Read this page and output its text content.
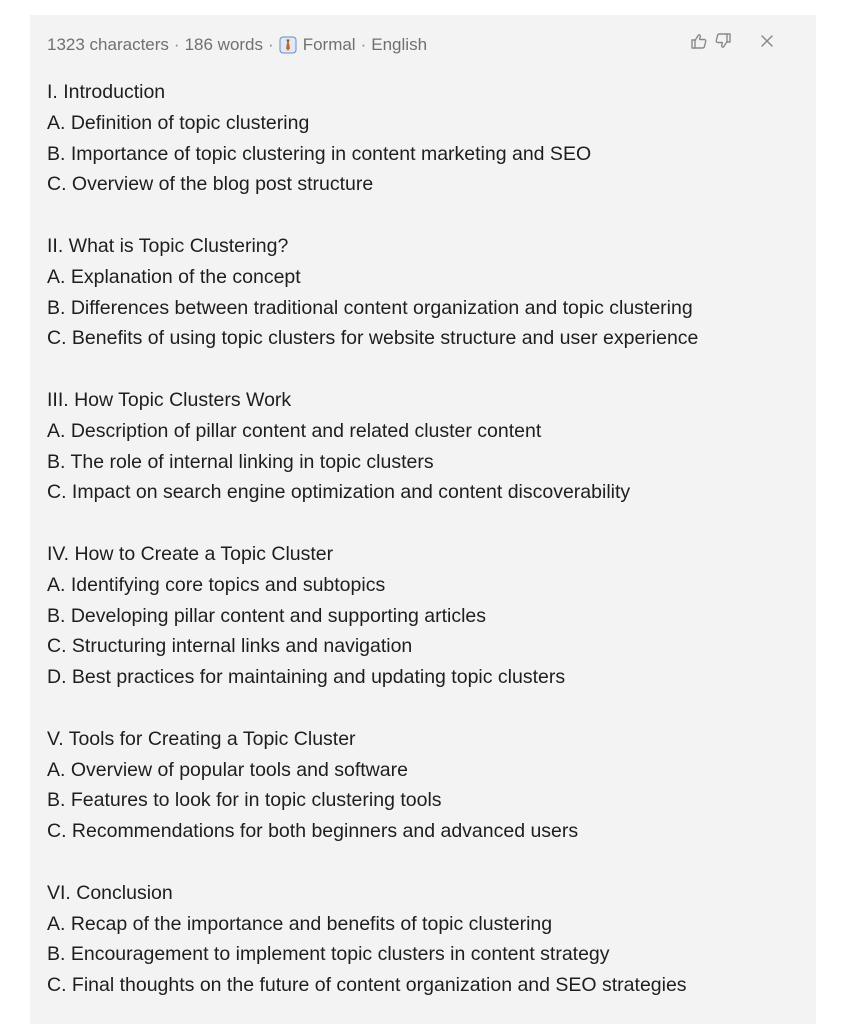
1323 characters · 186 words · Formal · English
I. Introduction
A. Definition of topic clustering
B. Importance of topic clustering in content marketing and SEO
C. Overview of the blog post structure
II. What is Topic Clustering?
A. Explanation of the concept
B. Differences between traditional content organization and topic clustering
C. Benefits of using topic clusters for website structure and user experience
III. How Topic Clusters Work
A. Description of pillar content and related cluster content
B. The role of internal linking in topic clusters
C. Impact on search engine optimization and content discoverability
IV. How to Create a Topic Cluster
A. Identifying core topics and subtopics
B. Developing pillar content and supporting articles
C. Structuring internal links and navigation
D. Best practices for maintaining and updating topic clusters
V. Tools for Creating a Topic Cluster
A. Overview of popular tools and software
B. Features to look for in topic clustering tools
C. Recommendations for both beginners and advanced users
VI. Conclusion
A. Recap of the importance and benefits of topic clustering
B. Encouragement to implement topic clusters in content strategy
C. Final thoughts on the future of content organization and SEO strategies
